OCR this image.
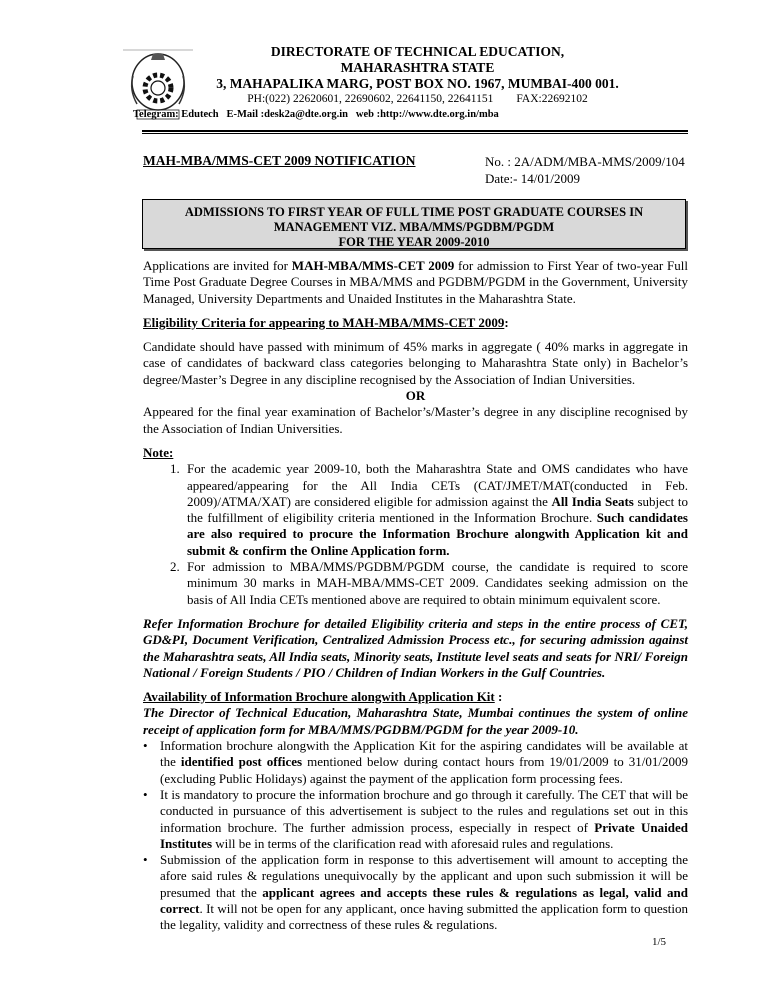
DIRECTORATE OF TECHNICAL EDUCATION,
MAHARASHTRA STATE
3, MAHAPALIKA MARG, POST BOX NO. 1967, MUMBAI-400 001.
PH:(022) 22620601, 22690602, 22641150, 22641151 FAX:22692102
Telegram: Edutech   E-Mail :desk2a@dte.org.in   web :http://www.dte.org.in/mba
MAH-MBA/MMS-CET 2009 NOTIFICATION	No. : 2A/ADM/MBA-MMS/2009/104
Date:- 14/01/2009
ADMISSIONS TO FIRST YEAR OF FULL TIME POST GRADUATE COURSES IN
MANAGEMENT VIZ. MBA/MMS/PGDBM/PGDM
FOR THE YEAR 2009-2010

Applications are invited for MAH-MBA/MMS-CET 2009 for admission to First Year of two-year Full Time Post Graduate Degree Courses in MBA/MMS and PGDBM/PGDM in the Government, University Managed, University Departments and Unaided Institutes in the Maharashtra State.

Eligibility Criteria for appearing to MAH-MBA/MMS-CET 2009:

Candidate should have passed with minimum of 45% marks in aggregate ( 40% marks in aggregate in case of candidates of backward class categories belonging to Maharashtra State only) in Bachelor’s degree/Master’s Degree in any discipline recognised by the Association of Indian Universities.

OR

Appeared for the final year examination of Bachelor’s/Master’s degree in any discipline recognised by the Association of Indian Universities.

Note:

1. For the academic year 2009-10, both the Maharashtra State and OMS candidates who have appeared/appearing for the All India CETs (CAT/JMET/MAT(conducted in Feb. 2009)/ATMA/XAT) are considered eligible for admission against the All India Seats subject to the fulfillment of eligibility criteria mentioned in the Information Brochure. Such candidates are also required to procure the Information Brochure alongwith Application kit and submit & confirm the Online Application form.
2. For admission to MBA/MMS/PGDBM/PGDM course, the candidate is required to score minimum 30 marks in MAH-MBA/MMS-CET 2009. Candidates seeking admission on the basis of All India CETs mentioned above are required to obtain minimum equivalent score.

Refer Information Brochure for detailed Eligibility criteria and steps in the entire process of CET, GD&PI, Document Verification, Centralized Admission Process etc., for securing admission against the Maharashtra seats, All India seats, Minority seats, Institute level seats and seats for NRI/ Foreign National / Foreign Students / PIO / Children of Indian Workers in the Gulf Countries.

Availability of Information Brochure alongwith Application Kit :

The Director of Technical Education, Maharashtra State, Mumbai continues the system of online receipt of application form for MBA/MMS/PGDBM/PGDM for the year 2009-10.

• Information brochure alongwith the Application Kit for the aspiring candidates will be available at the identified post offices mentioned below during contact hours from 19/01/2009 to 31/01/2009 (excluding Public Holidays) against the payment of the application form processing fees.
• It is mandatory to procure the information brochure and go through it carefully. The CET that will be conducted in pursuance of this advertisement is subject to the rules and regulations set out in this information brochure. The further admission process, especially in respect of Private Unaided Institutes will be in terms of the clarification read with aforesaid rules and regulations.
• Submission of the application form in response to this advertisement will amount to accepting the afore said rules & regulations unequivocally by the applicant and upon such submission it will be presumed that the applicant agrees and accepts these rules & regulations as legal, valid and correct. It will not be open for any applicant, once having submitted the application form to question the legality, validity and correctness of these rules & regulations.
1/5
